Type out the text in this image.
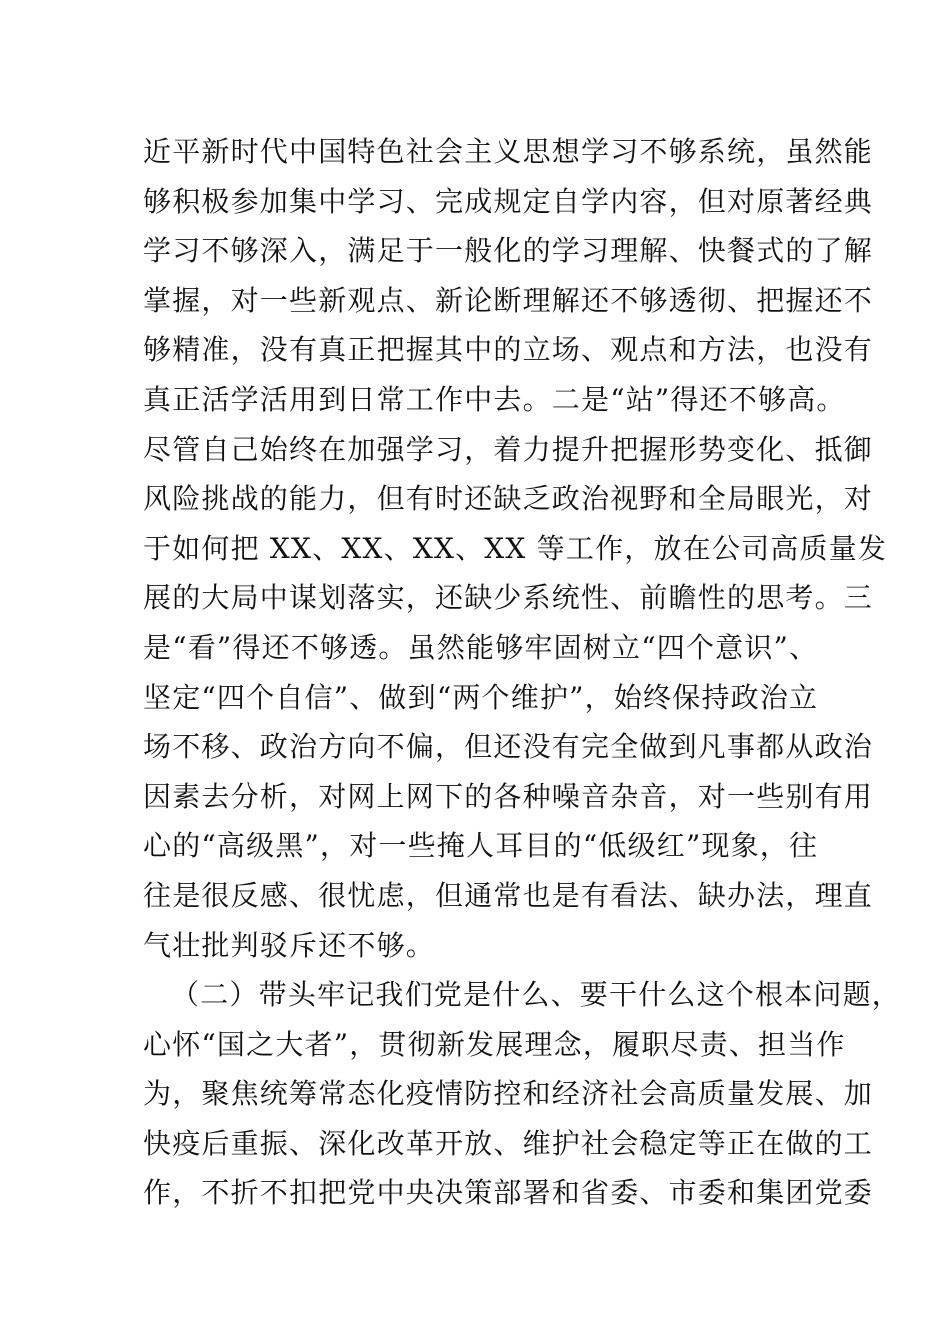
近平新时代中国特色社会主义思想学习不够系统，虽然能
够积极参加集中学习、完成规定自学内容，但对原著经典
学习不够深入，满足于一般化的学习理解、快餐式的了解
掌握，对一些新观点、新论断理解还不够透彻、把握还不
够精准，没有真正把握其中的立场、观点和方法，也没有
真正活学活用到日常工作中去。二是“站”得还不够高。
尽管自己始终在加强学习，着力提升把握形势变化、抵御
风险挑战的能力，但有时还缺乏政治视野和全局眼光，对
于如何把 XX、XX、XX、XX 等工作，放在公司高质量发
展的大局中谋划落实，还缺少系统性、前瞻性的思考。三
是“看”得还不够透。虽然能够牢固树立“四个意识”、
坚定“四个自信”、做到“两个维护”，始终保持政治立
场不移、政治方向不偏，但还没有完全做到凡事都从政治
因素去分析，对网上网下的各种噪音杂音，对一些别有用
心的“高级黑”，对一些掩人耳目的“低级红”现象，往
往是很反感、很忧虑，但通常也是有看法、缺办法，理直
气壮批判驳斥还不够。
（二）带头牢记我们党是什么、要干什么这个根本问题，
心怀“国之大者”，贯彻新发展理念，履职尽责、担当作
为，聚焦统筹常态化疫情防控和经济社会高质量发展、加
快疫后重振、深化改革开放、维护社会稳定等正在做的工
作，不折不扣把党中央决策部署和省委、市委和集团党委
